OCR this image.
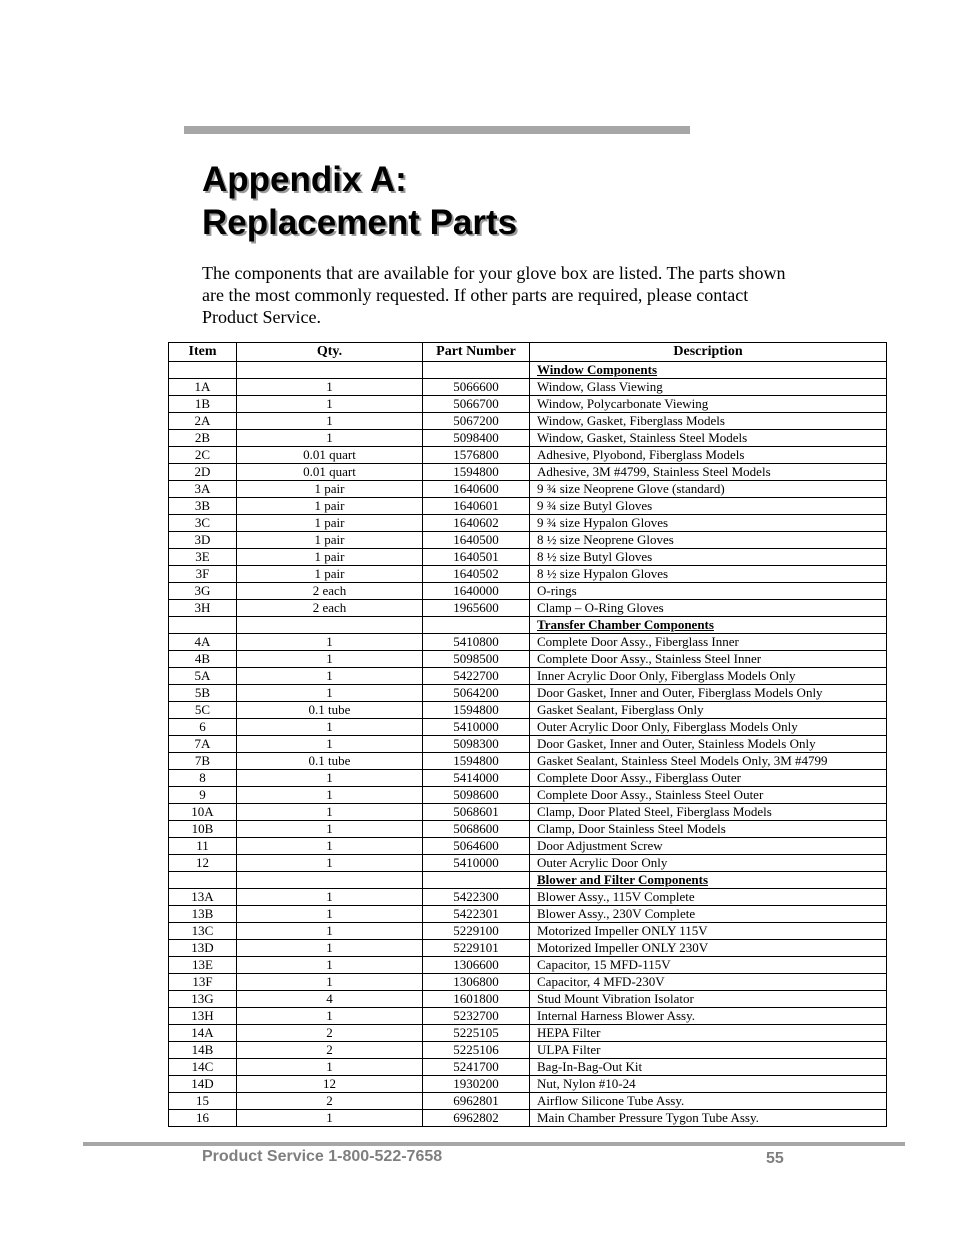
Appendix A:
Replacement Parts

The components that are available for your glove box are listed. The parts shown are the most commonly requested. If other parts are required, please contact Product Service.

Item	Qty.	Part Number	Description
			Window Components
1A	1	5066600	Window, Glass Viewing
1B	1	5066700	Window, Polycarbonate Viewing
2A	1	5067200	Window, Gasket, Fiberglass Models
2B	1	5098400	Window, Gasket, Stainless Steel Models
2C	0.01 quart	1576800	Adhesive, Plyobond, Fiberglass Models
2D	0.01 quart	1594800	Adhesive, 3M #4799, Stainless Steel Models
3A	1 pair	1640600	9 ¾ size Neoprene Glove (standard)
3B	1 pair	1640601	9 ¾ size Butyl Gloves
3C	1 pair	1640602	9 ¾ size Hypalon Gloves
3D	1 pair	1640500	8 ½ size Neoprene Gloves
3E	1 pair	1640501	8 ½ size Butyl Gloves
3F	1 pair	1640502	8 ½ size Hypalon Gloves
3G	2 each	1640000	O-rings
3H	2 each	1965600	Clamp – O-Ring Gloves
			Transfer Chamber Components
4A	1	5410800	Complete Door Assy., Fiberglass Inner
4B	1	5098500	Complete Door Assy., Stainless Steel Inner
5A	1	5422700	Inner Acrylic Door Only, Fiberglass Models Only
5B	1	5064200	Door Gasket, Inner and Outer, Fiberglass Models Only
5C	0.1 tube	1594800	Gasket Sealant, Fiberglass Only
6	1	5410000	Outer Acrylic Door Only, Fiberglass Models Only
7A	1	5098300	Door Gasket, Inner and Outer, Stainless Models Only
7B	0.1 tube	1594800	Gasket Sealant, Stainless Steel Models Only, 3M #4799
8	1	5414000	Complete Door Assy., Fiberglass Outer
9	1	5098600	Complete Door Assy., Stainless Steel Outer
10A	1	5068601	Clamp, Door Plated Steel, Fiberglass Models
10B	1	5068600	Clamp, Door Stainless Steel Models
11	1	5064600	Door Adjustment Screw
12	1	5410000	Outer Acrylic Door Only
			Blower and Filter Components
13A	1	5422300	Blower Assy., 115V Complete
13B	1	5422301	Blower Assy., 230V Complete
13C	1	5229100	Motorized Impeller ONLY 115V
13D	1	5229101	Motorized Impeller ONLY 230V
13E	1	1306600	Capacitor, 15 MFD-115V
13F	1	1306800	Capacitor, 4 MFD-230V
13G	4	1601800	Stud Mount Vibration Isolator
13H	1	5232700	Internal Harness Blower Assy.
14A	2	5225105	HEPA Filter
14B	2	5225106	ULPA Filter
14C	1	5241700	Bag-In-Bag-Out Kit
14D	12	1930200	Nut, Nylon #10-24
15	2	6962801	Airflow Silicone Tube Assy.
16	1	6962802	Main Chamber Pressure Tygon Tube Assy.
Product Service 1-800-522-7658	55
